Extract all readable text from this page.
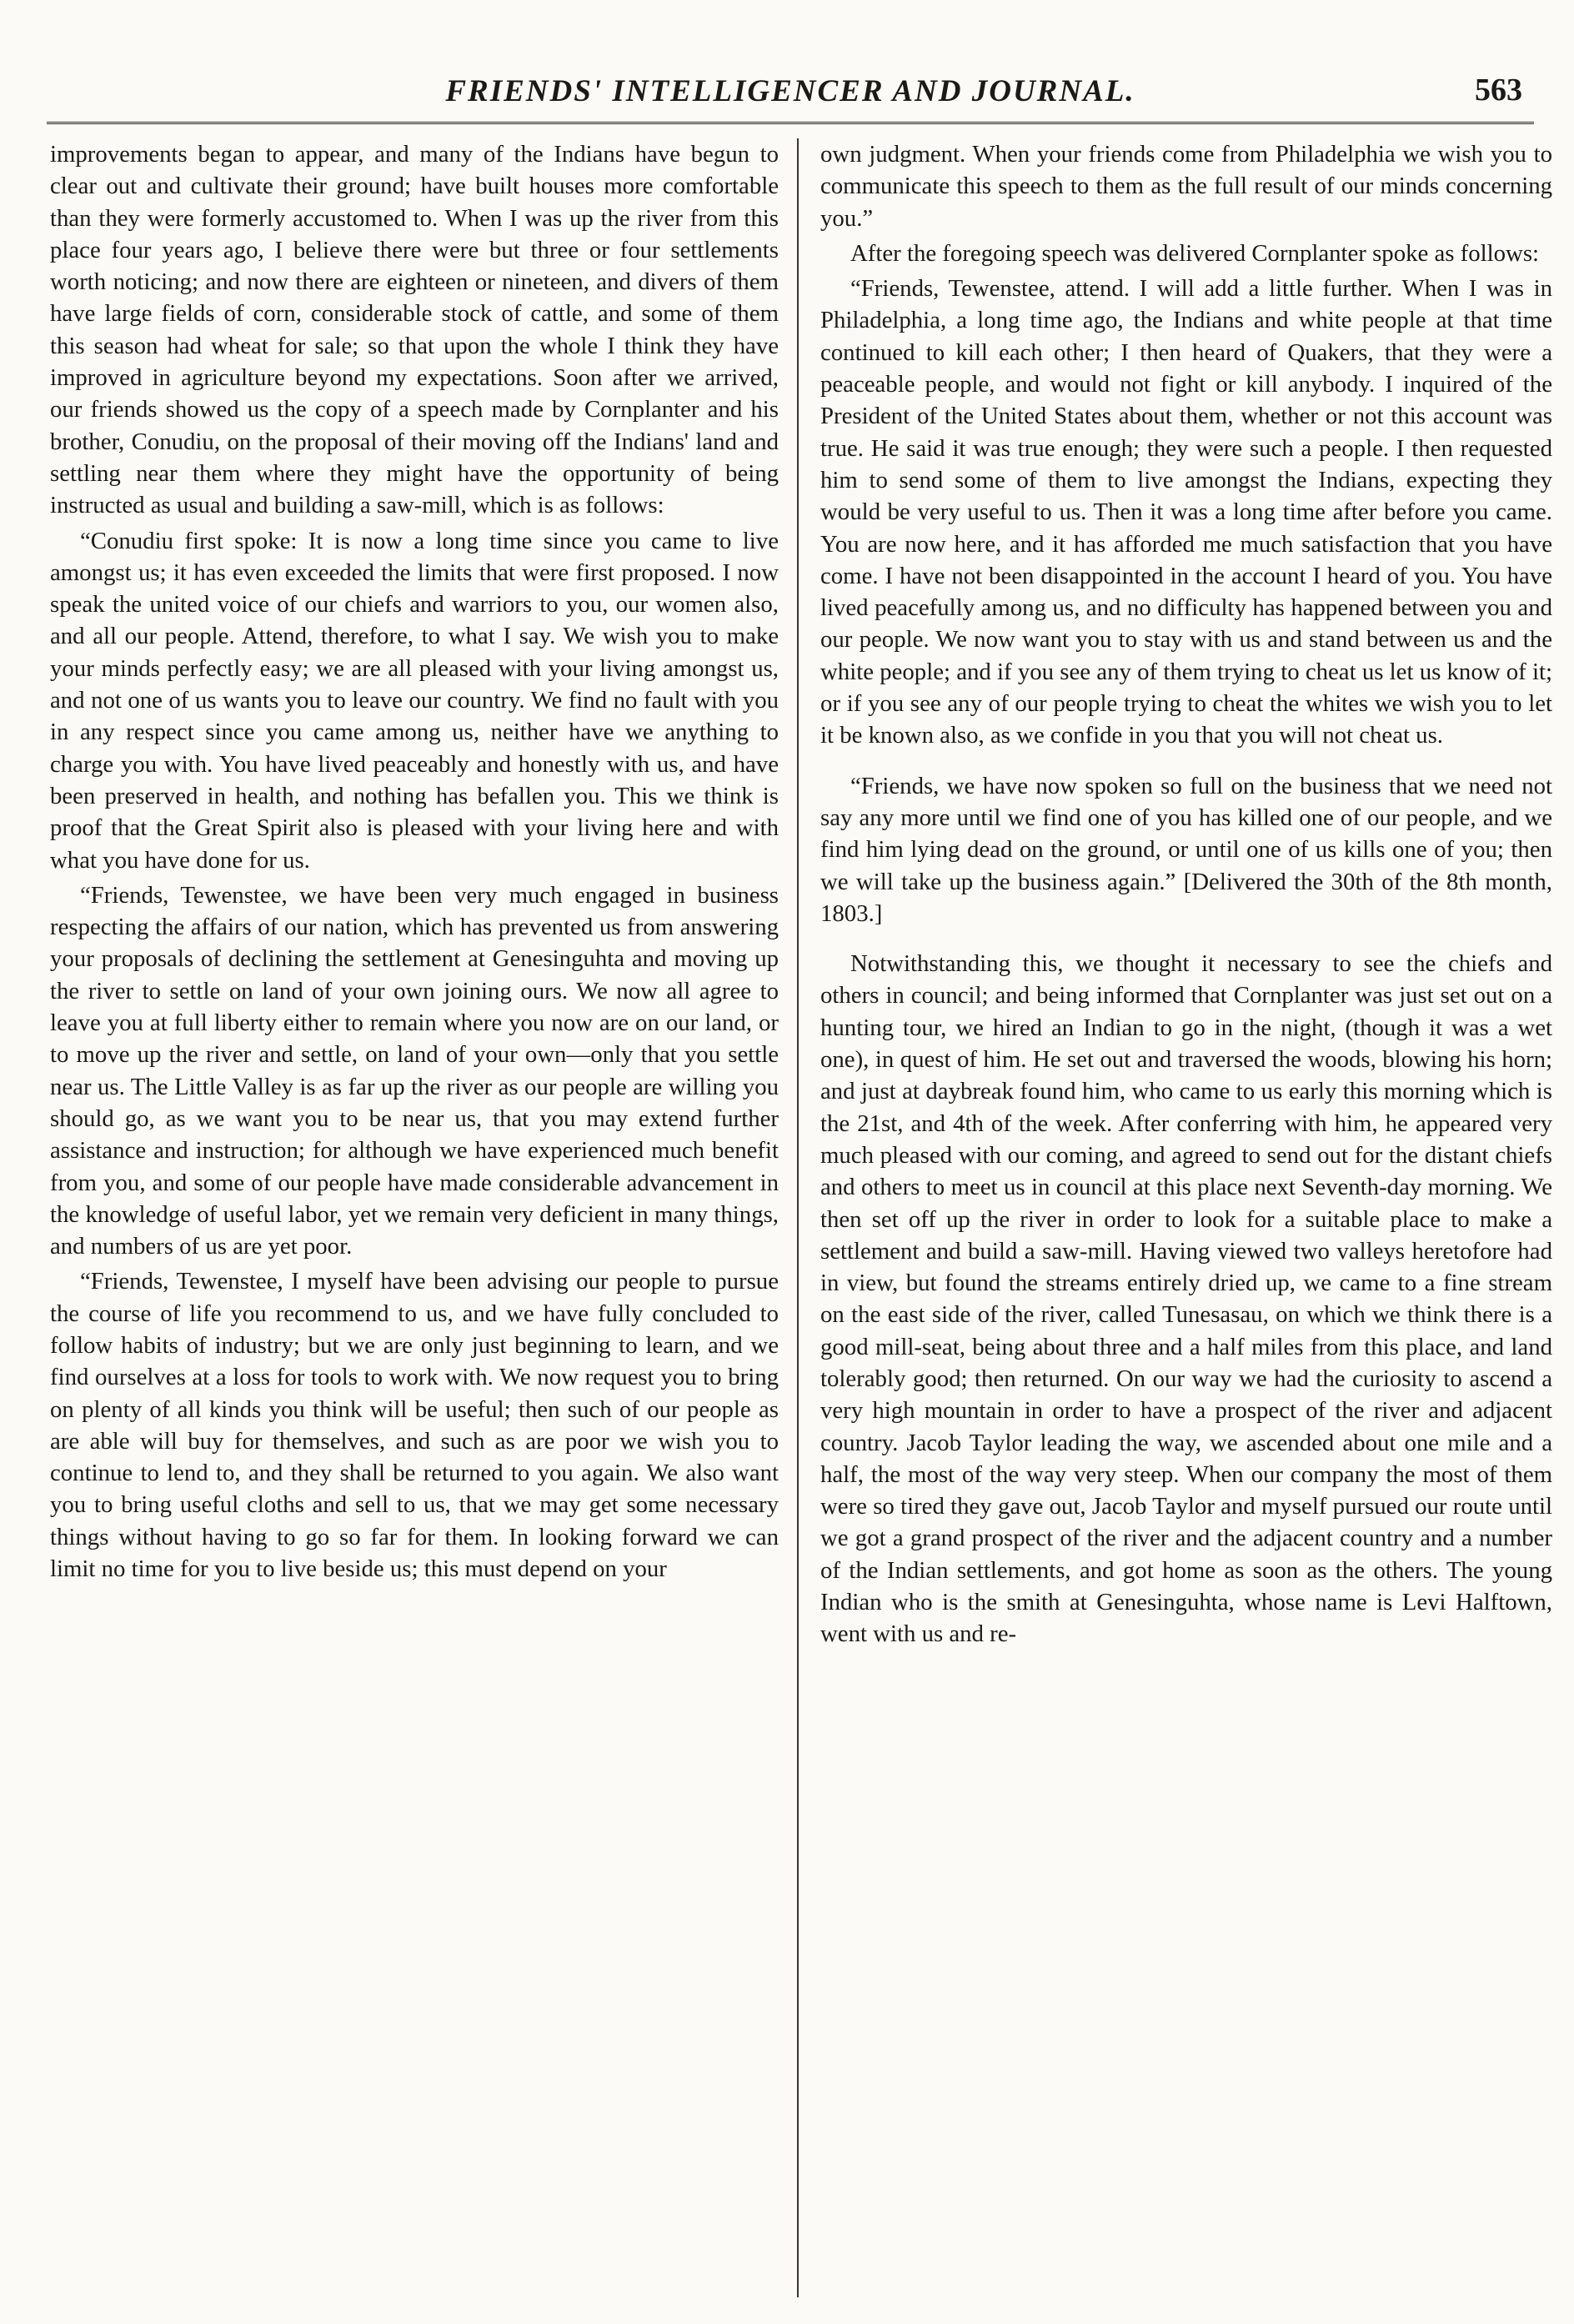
FRIENDS' INTELLIGENCER AND JOURNAL.	563

improvements began to appear, and many of the Indians have begun to clear out and cultivate their ground; have built houses more comfortable than they were formerly accustomed to. When I was up the river from this place four years ago, I believe there were but three or four settlements worth noticing; and now there are eighteen or nineteen, and divers of them have large fields of corn, considerable stock of cattle, and some of them this season had wheat for sale; so that upon the whole I think they have improved in agriculture beyond my expectations. Soon after we arrived, our friends showed us the copy of a speech made by Cornplanter and his brother, Conudiu, on the proposal of their moving off the Indians' land and settling near them where they might have the opportunity of being instructed as usual and building a saw-mill, which is as follows:

“Conudiu first spoke: It is now a long time since you came to live amongst us; it has even exceeded the limits that were first proposed. I now speak the united voice of our chiefs and warriors to you, our women also, and all our people. Attend, therefore, to what I say. We wish you to make your minds perfectly easy; we are all pleased with your living amongst us, and not one of us wants you to leave our country. We find no fault with you in any respect since you came among us, neither have we anything to charge you with. You have lived peaceably and honestly with us, and have been preserved in health, and nothing has befallen you. This we think is proof that the Great Spirit also is pleased with your living here and with what you have done for us.

“Friends, Tewenstee, we have been very much engaged in business respecting the affairs of our nation, which has prevented us from answering your proposals of declining the settlement at Genesinguhta and moving up the river to settle on land of your own joining ours. We now all agree to leave you at full liberty either to remain where you now are on our land, or to move up the river and settle, on land of your own—only that you settle near us. The Little Valley is as far up the river as our people are willing you should go, as we want you to be near us, that you may extend further assistance and instruction; for although we have experienced much benefit from you, and some of our people have made considerable advancement in the knowledge of useful labor, yet we remain very deficient in many things, and numbers of us are yet poor.

“Friends, Tewenstee, I myself have been advising our people to pursue the course of life you recommend to us, and we have fully concluded to follow habits of industry; but we are only just beginning to learn, and we find ourselves at a loss for tools to work with. We now request you to bring on plenty of all kinds you think will be useful; then such of our people as are able will buy for themselves, and such as are poor we wish you to continue to lend to, and they shall be returned to you again. We also want you to bring useful cloths and sell to us, that we may get some necessary things without having to go so far for them. In looking forward we can limit no time for you to live beside us; this must depend on your

own judgment. When your friends come from Philadelphia we wish you to communicate this speech to them as the full result of our minds concerning you.”

After the foregoing speech was delivered Cornplanter spoke as follows:

“Friends, Tewenstee, attend. I will add a little further. When I was in Philadelphia, a long time ago, the Indians and white people at that time continued to kill each other; I then heard of Quakers, that they were a peaceable people, and would not fight or kill anybody. I inquired of the President of the United States about them, whether or not this account was true. He said it was true enough; they were such a people. I then requested him to send some of them to live amongst the Indians, expecting they would be very useful to us. Then it was a long time after before you came. You are now here, and it has afforded me much satisfaction that you have come. I have not been disappointed in the account I heard of you. You have lived peacefully among us, and no difficulty has happened between you and our people. We now want you to stay with us and stand between us and the white people; and if you see any of them trying to cheat us let us know of it; or if you see any of our people trying to cheat the whites we wish you to let it be known also, as we confide in you that you will not cheat us.

“Friends, we have now spoken so full on the business that we need not say any more until we find one of you has killed one of our people, and we find him lying dead on the ground, or until one of us kills one of you; then we will take up the business again.” [Delivered the 30th of the 8th month, 1803.]

Notwithstanding this, we thought it necessary to see the chiefs and others in council; and being informed that Cornplanter was just set out on a hunting tour, we hired an Indian to go in the night, (though it was a wet one), in quest of him. He set out and traversed the woods, blowing his horn; and just at daybreak found him, who came to us early this morning which is the 21st, and 4th of the week. After conferring with him, he appeared very much pleased with our coming, and agreed to send out for the distant chiefs and others to meet us in council at this place next Seventh-day morning. We then set off up the river in order to look for a suitable place to make a settlement and build a saw-mill. Having viewed two valleys heretofore had in view, but found the streams entirely dried up, we came to a fine stream on the east side of the river, called Tunesasau, on which we think there is a good mill-seat, being about three and a half miles from this place, and land tolerably good; then returned. On our way we had the curiosity to ascend a very high mountain in order to have a prospect of the river and adjacent country. Jacob Taylor leading the way, we ascended about one mile and a half, the most of the way very steep. When our company the most of them were so tired they gave out, Jacob Taylor and myself pursued our route until we got a grand prospect of the river and the adjacent country and a number of the Indian settlements, and got home as soon as the others. The young Indian who is the smith at Genesinguhta, whose name is Levi Halftown, went with us and re-
